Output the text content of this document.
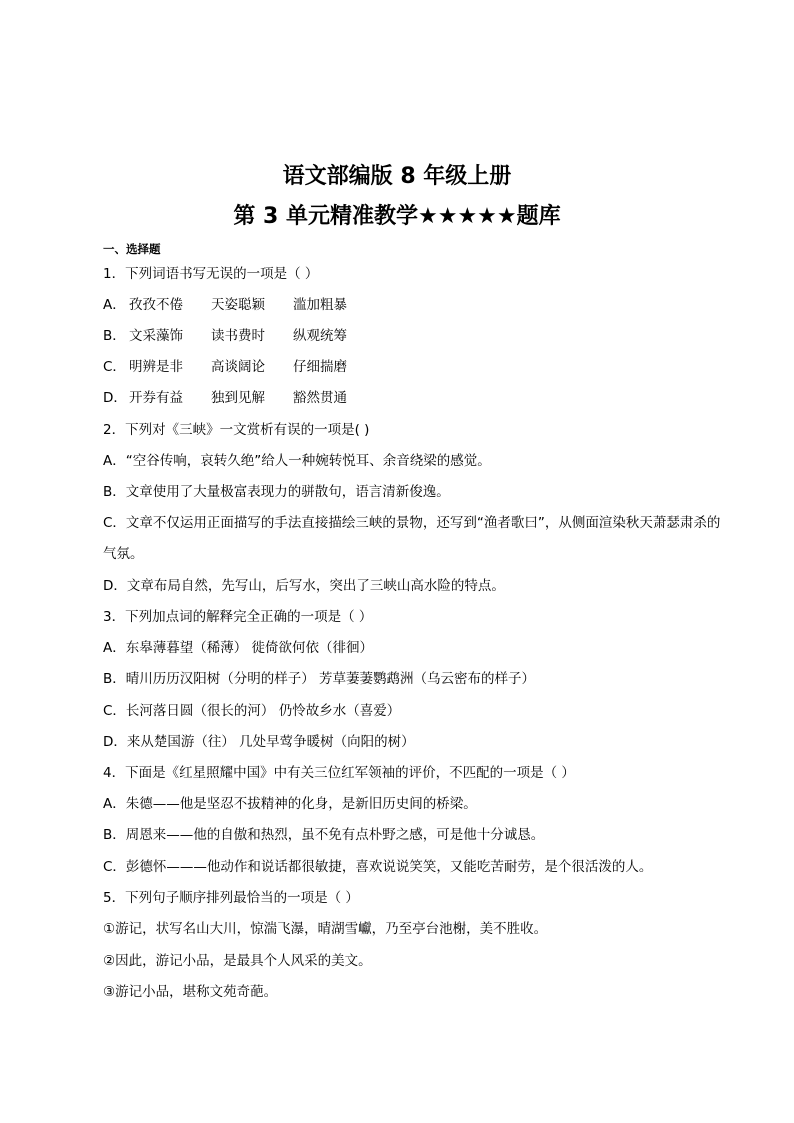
语文部编版 8 年级上册
第 3 单元精准教学★★★★★题库
一、选择题
1．下列词语书写无误的一项是（ ）
A． 孜孜不倦 天姿聪颖 滥加粗暴
B． 文采藻饰 读书费时 纵观统筹
C． 明辨是非 高谈阔论 仔细揣磨
D． 开券有益 独到见解 豁然贯通
2．下列对《三峡》一文赏析有误的一项是( )
A．“空谷传响，哀转久绝”给人一种婉转悦耳、余音绕梁的感觉。
B．文章使用了大量极富表现力的骈散句，语言清新俊逸。
C．文章不仅运用正面描写的手法直接描绘三峡的景物，还写到“渔者歌曰”，从侧面渲染秋天萧瑟肃杀的
气氛。
D．文章布局自然，先写山，后写水，突出了三峡山高水险的特点。
3．下列加点词的解释完全正确的一项是（ ）
A．东皋薄暮望（稀薄） 徙倚欲何依（徘徊）
B．晴川历历汉阳树（分明的样子） 芳草萋萋鹦鹉洲（乌云密布的样子）
C．长河落日圆（很长的河） 仍怜故乡水（喜爱）
D．来从楚国游（往） 几处早莺争暖树（向阳的树）
4．下面是《红星照耀中国》中有关三位红军领袖的评价，不匹配的一项是（ ）
A．朱德——他是坚忍不拔精神的化身，是新旧历史间的桥梁。
B．周恩来——他的自傲和热烈，虽不免有点朴野之感，可是他十分诚恳。
C．彭德怀———他动作和说话都很敏捷，喜欢说说笑笑，又能吃苦耐劳，是个很活泼的人。
5．下列句子顺序排列最恰当的一项是（ ）
①游记，状写名山大川，惊湍飞瀑，晴湖雪巘，乃至亭台池榭，美不胜收。
②因此，游记小品，是最具个人风采的美文。
③游记小品，堪称文苑奇葩。
